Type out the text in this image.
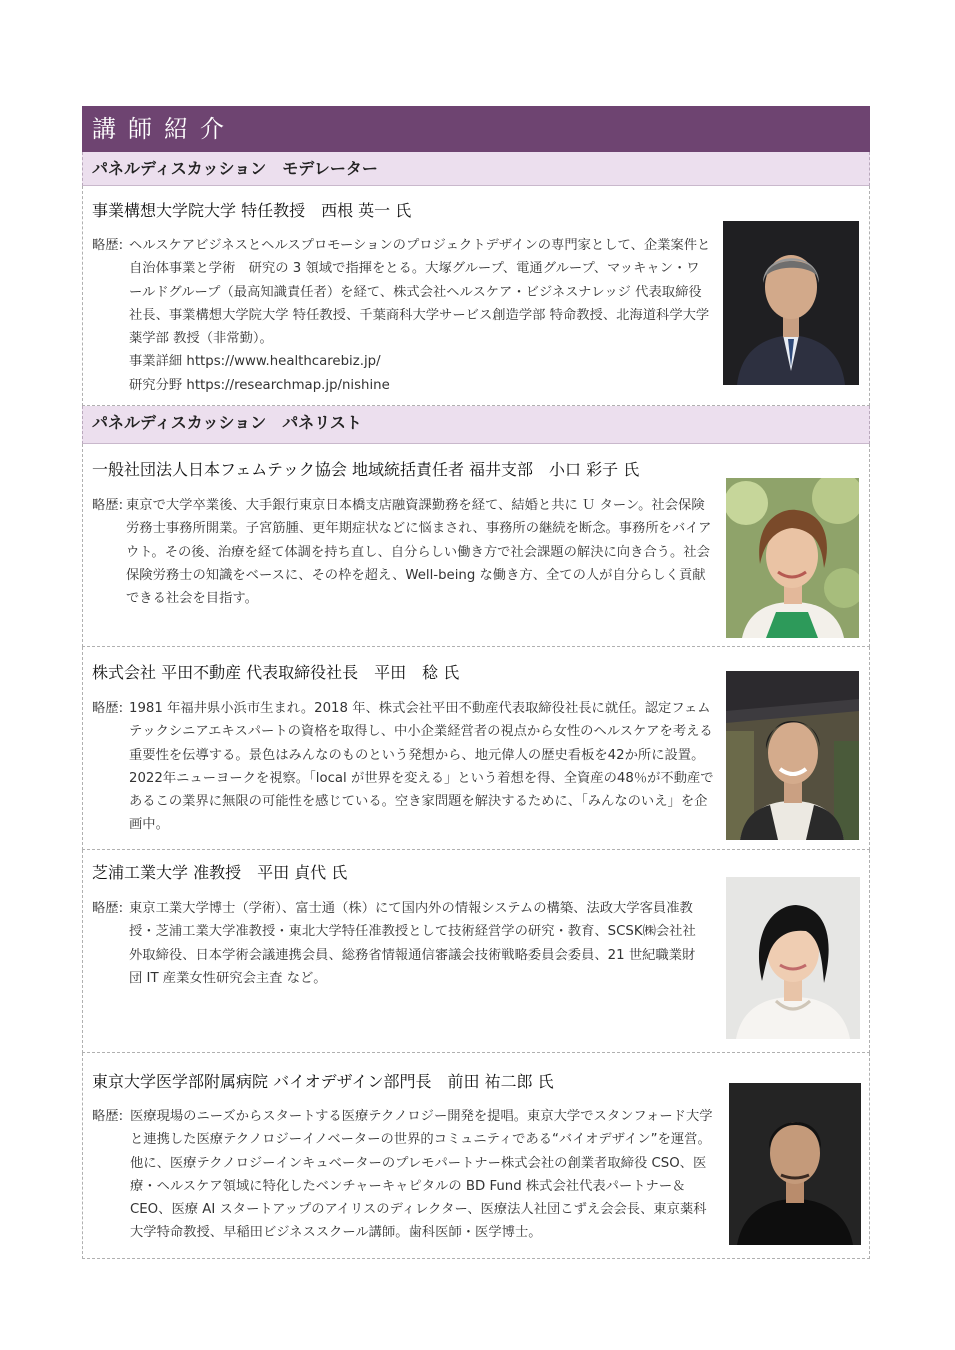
講師紹介
パネルディスカッション　モデレーター
事業構想大学院大学 特任教授　西根 英一 氏
略歴: ヘルスケアビジネスとヘルスプロモーションのプロジェクトデザインの専門家として、企業案件と自治体事業と学術　研究の 3 領域で指揮をとる。大塚グループ、電通グループ、マッキャン・ワールドグループ（最高知識責任者）を経て、株式会社ヘルスケア・ビジネスナレッジ 代表取締役社長、事業構想大学院大学 特任教授、千葉商科大学サービス創造学部 特命教授、北海道科学大学薬学部 教授（非常勤）。
事業詳細 https://www.healthcarebiz.jp/
研究分野 https://researchmap.jp/nishine
パネルディスカッション　パネリスト
一般社団法人日本フェムテック協会 地域統括責任者 福井支部　小口 彩子 氏
略歴: 東京で大学卒業後、大手銀行東京日本橋支店融資課勤務を経て、結婚と共に Ｕ ターン。社会保険労務士事務所開業。子宮筋腫、更年期症状などに悩まされ、事務所の継続を断念。事務所をバイアウト。その後、治療を経て体調を持ち直し、自分らしい働き方で社会課題の解決に向き合う。社会保険労務士の知識をベースに、その枠を超え、Well-being な働き方、全ての人が自分らしく貢献できる社会を目指す。
株式会社 平田不動産 代表取締役社長　平田　稔 氏
略歴: 1981 年福井県小浜市生まれ。2018 年、株式会社平田不動産代表取締役社長に就任。認定フェムテックシニアエキスパートの資格を取得し、中小企業経営者の視点から女性のヘルスケアを考える重要性を伝導する。景色はみんなのものという発想から、地元偉人の歴史看板を42か所に設置。2022年ニューヨークを視察。「local が世界を変える」という着想を得、全資産の48％が不動産であるこの業界に無限の可能性を感じている。空き家問題を解決するために、「みんなのいえ」を企画中。
芝浦工業大学 准教授　平田 貞代 氏
略歴: 東京工業大学博士（学術）、富士通（株）にて国内外の情報システムの構築、法政大学客員准教授・芝浦工業大学准教授・東北大学特任准教授として技術経営学の研究・教育、SCSK㈱会社社外取締役、日本学術会議連携会員、総務省情報通信審議会技術戦略委員会委員、21 世紀職業財団 IT 産業女性研究会主査 など。
東京大学医学部附属病院 バイオデザイン部門長　前田 祐二郎 氏
略歴: 医療現場のニーズからスタートする医療テクノロジー開発を提唱。東京大学でスタンフォード大学と連携した医療テクノロジーイノベーターの世界的コミュニティである“バイオデザイン”を運営。他に、医療テクノロジーインキュベーターのプレモパートナー株式会社の創業者取締役 CSO、医療・ヘルスケア領域に特化したベンチャーキャピタルの BD Fund 株式会社代表パートナー＆CEO、医療 AI スタートアップのアイリスのディレクター、医療法人社団こずえ会会長、東京薬科大学特命教授、早稲田ビジネススクール講師。歯科医師・医学博士。
